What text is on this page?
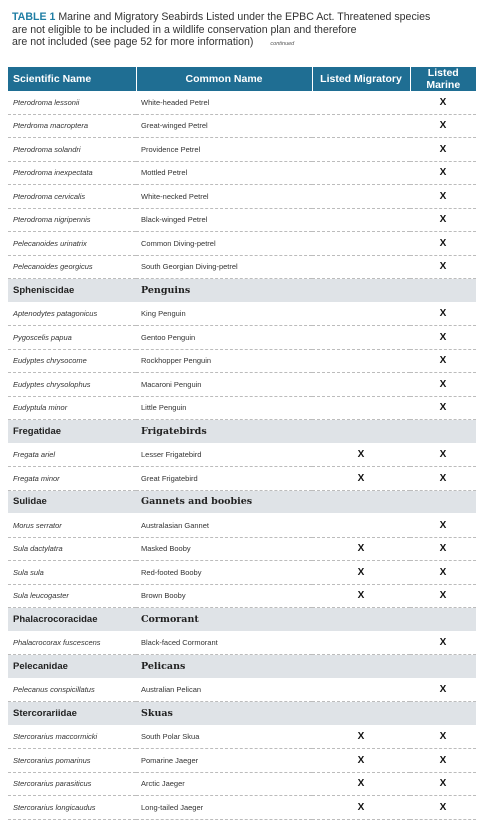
TABLE 1 Marine and Migratory Seabirds Listed under the EPBC Act. Threatened species
are not eligible to be included in a wildlife conservation plan and therefore
are not included (see page 52 for more information)	continued
Scientific Name	Common Name	Listed Migratory	Listed Marine
Pterodroma lessonii	White-headed Petrel		X
Pterdroma macroptera	Great-winged Petrel		X
Pterodroma solandri	Providence Petrel		X
Pterodroma inexpectata	Mottled Petrel		X
Pterodroma cervicalis	White-necked Petrel		X
Pterodroma nigripennis	Black-winged Petrel		X
Pelecanoides urinatrix	Common Diving-petrel		X
Pelecanoides georgicus	South Georgian Diving-petrel		X
Spheniscidae	Penguins		
Aptenodytes patagonicus	King Penguin		X
Pygoscelis papua	Gentoo Penguin		X
Eudyptes chrysocome	Rockhopper Penguin		X
Eudyptes chrysolophus	Macaroni Penguin		X
Eudyptula minor	Little Penguin		X
Fregatidae	Frigatebirds		
Fregata ariel	Lesser Frigatebird	X	X
Fregata minor	Great Frigatebird	X	X
Sulidae	Gannets and boobies		
Morus serrator	Australasian Gannet		X
Sula dactylatra	Masked Booby	X	X
Sula sula	Red-footed Booby	X	X
Sula leucogaster	Brown Booby	X	X
Phalacrocoracidae	Cormorant		
Phalacrocorax fuscescens	Black-faced Cormorant		X
Pelecanidae	Pelicans		
Pelecanus conspicillatus	Australian Pelican		X
Stercorariidae	Skuas		
Stercorarius maccormicki	South Polar Skua	X	X
Stercorarius pomarinus	Pomarine Jaeger	X	X
Stercorarius parasiticus	Arctic Jaeger	X	X
Stercorarius longicaudus	Long-tailed Jaeger	X	X
